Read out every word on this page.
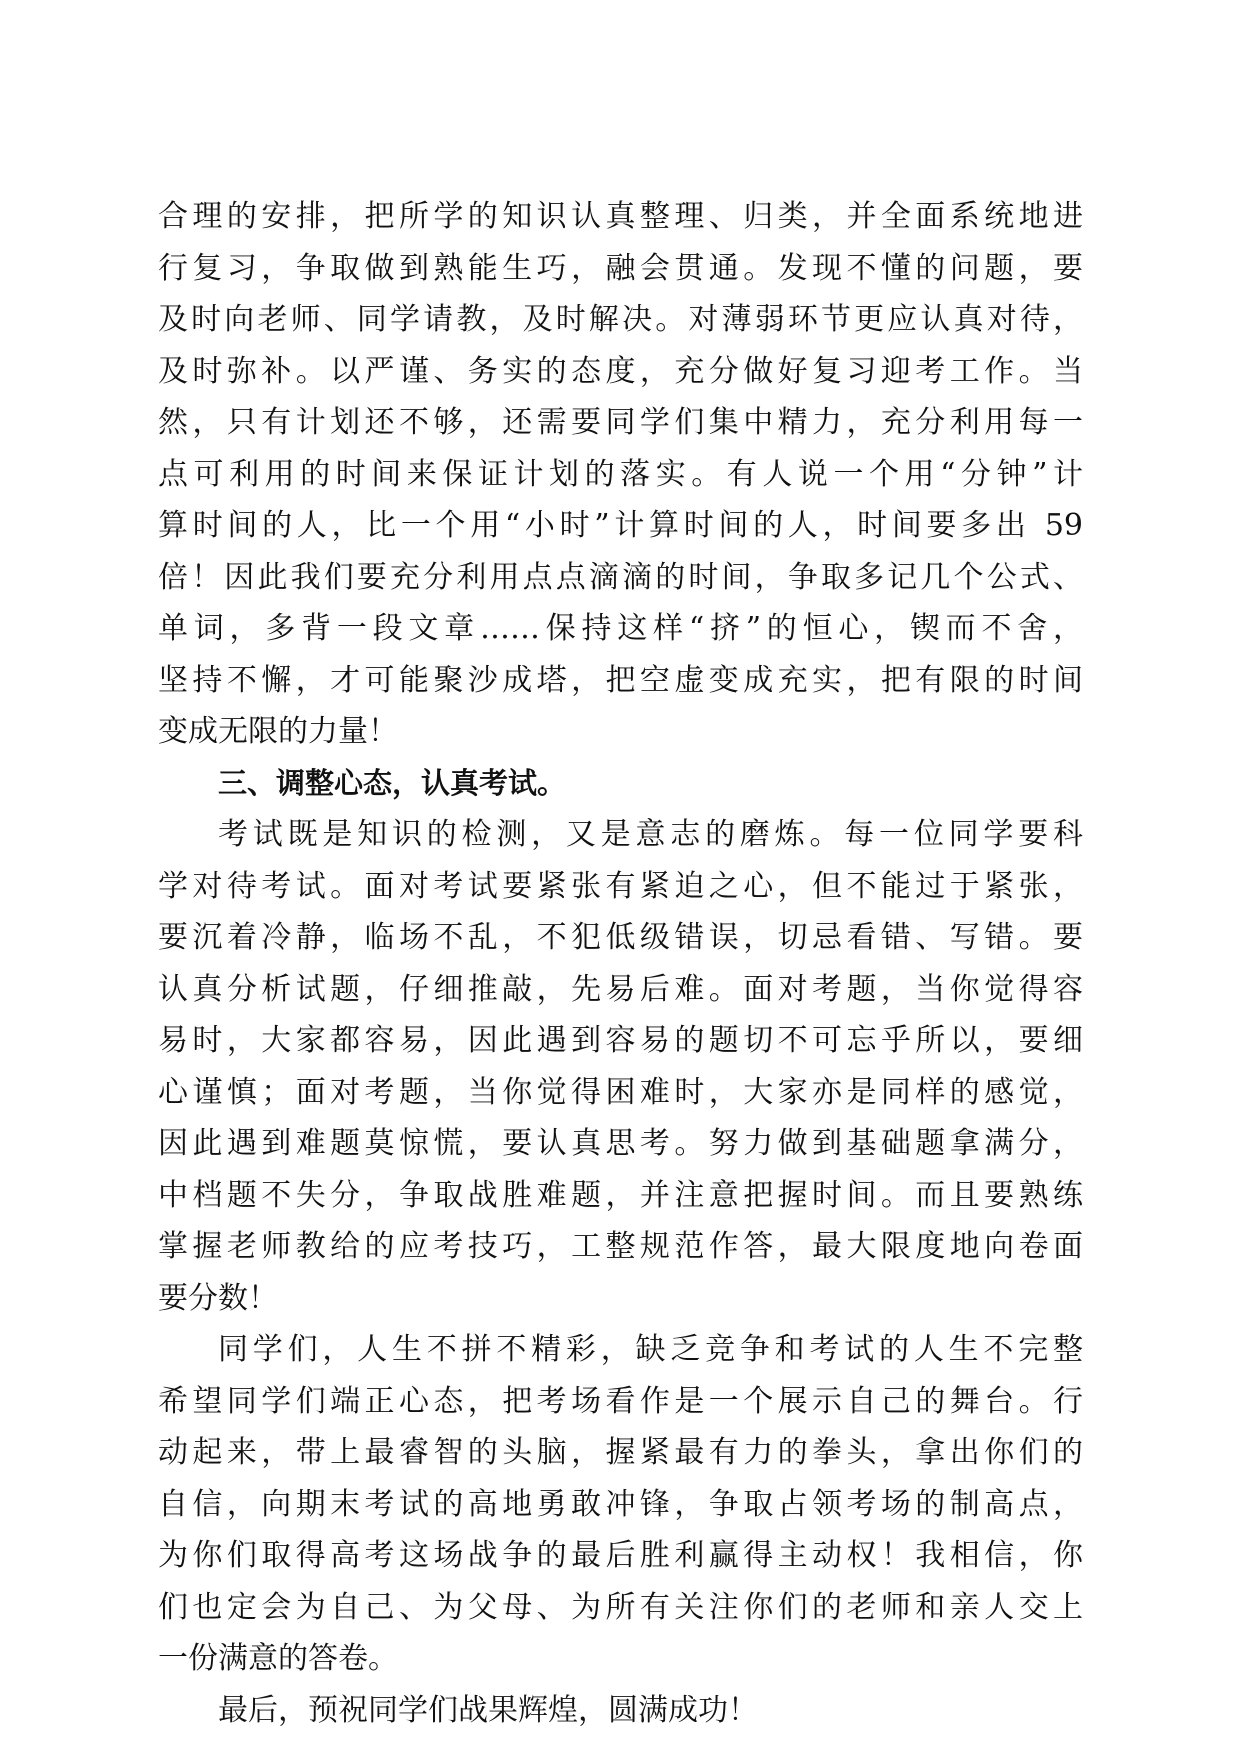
合理的安排，把所学的知识认真整理、归类，并全面系统地进
行复习，争取做到熟能生巧，融会贯通。发现不懂的问题，要
及时向老师、同学请教，及时解决。对薄弱环节更应认真对待，
及时弥补。以严谨、务实的态度，充分做好复习迎考工作。当
然，只有计划还不够，还需要同学们集中精力，充分利用每一
点可利用的时间来保证计划的落实。有人说一个用“分钟”计
算时间的人，比一个用“小时”计算时间的人，时间要多出 59
倍！因此我们要充分利用点点滴滴的时间，争取多记几个公式、
单词，多背一段文章……保持这样“挤”的恒心，锲而不舍，
坚持不懈，才可能聚沙成塔，把空虚变成充实，把有限的时间
变成无限的力量！
三、调整心态，认真考试。
考试既是知识的检测，又是意志的磨炼。每一位同学要科
学对待考试。面对考试要紧张有紧迫之心，但不能过于紧张，
要沉着冷静，临场不乱，不犯低级错误，切忌看错、写错。要
认真分析试题，仔细推敲，先易后难。面对考题，当你觉得容
易时，大家都容易，因此遇到容易的题切不可忘乎所以，要细
心谨慎；面对考题，当你觉得困难时，大家亦是同样的感觉，
因此遇到难题莫惊慌，要认真思考。努力做到基础题拿满分，
中档题不失分，争取战胜难题，并注意把握时间。而且要熟练
掌握老师教给的应考技巧，工整规范作答，最大限度地向卷面
要分数！
同学们，人生不拼不精彩，缺乏竞争和考试的人生不完整
希望同学们端正心态，把考场看作是一个展示自己的舞台。行
动起来，带上最睿智的头脑，握紧最有力的拳头，拿出你们的
自信，向期末考试的高地勇敢冲锋，争取占领考场的制高点，
为你们取得高考这场战争的最后胜利赢得主动权！我相信，你
们也定会为自己、为父母、为所有关注你们的老师和亲人交上
一份满意的答卷。
最后，预祝同学们战果辉煌，圆满成功！
